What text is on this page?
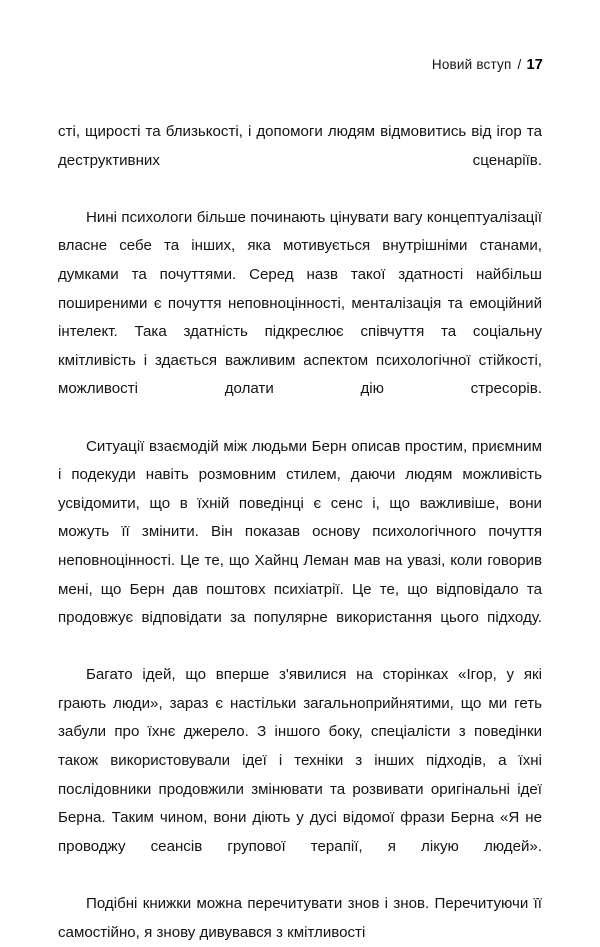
Новий вступ / 17

сті, щирості та близькості, і допомоги людям відмовитись від ігор та деструктивних сценаріїв.

Нині психологи більше починають цінувати вагу концептуалізації власне себе та інших, яка мотивується внутрішніми станами, думками та почуттями. Серед назв такої здатності найбільш поширеними є почуття неповноцінності, менталізація та емоційний інтелект. Така здатність підкреслює співчуття та соціальну кмітливість і здається важливим аспектом психологічної стійкості, можливості долати дію стресорів.

Ситуації взаємодій між людьми Берн описав простим, приємним і подекуди навіть розмовним стилем, даючи людям можливість усвідомити, що в їхній поведінці є сенс і, що важливіше, вони можуть її змінити. Він показав основу психологічного почуття неповноцінності. Це те, що Хайнц Леман мав на увазі, коли говорив мені, що Берн дав поштовх психіатрії. Це те, що відповідало та продовжує відповідати за популярне використання цього підходу.

Багато ідей, що вперше з'явилися на сторінках «Ігор, у які грають люди», зараз є настільки загальноприйнятими, що ми геть забули про їхнє джерело. З іншого боку, спеціалісти з поведінки також використовували ідеї і техніки з інших підходів, а їхні послідовники продовжили змінювати та розвивати оригінальні ідеї Берна. Таким чином, вони діють у дусі відомої фрази Берна «Я не проводжу сеансів групової терапії, я лікую людей».

Подібні книжки можна перечитувати знов і знов. Перечитуючи її самостійно, я знову дивувався з кмітливості
